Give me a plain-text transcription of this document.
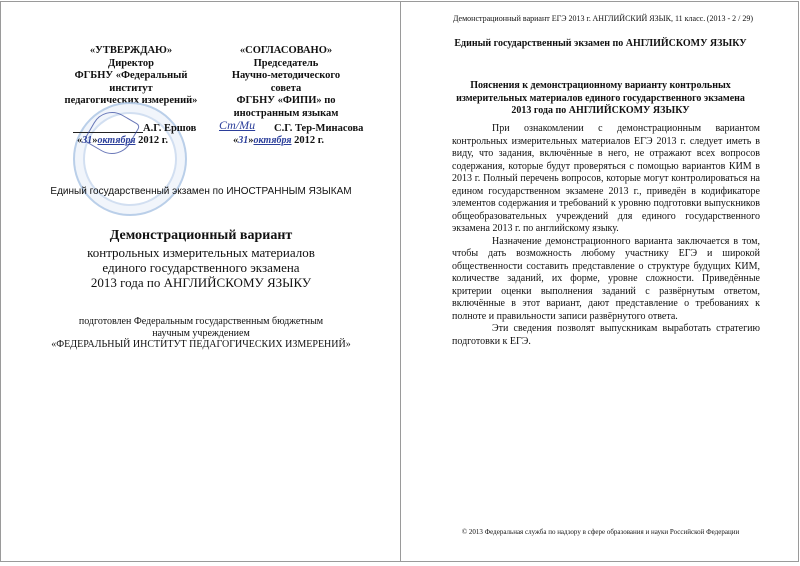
«УТВЕРЖДАЮ»
Директор
ФГБНУ «Федеральный институт
педагогических измерений»
«СОГЛАСОВАНО»
Председатель
Научно-методического совета
ФГБНУ «ФИПИ» по
иностранным языкам
А.Г. Ершов
«31»октября 2012 г.
Ст/Ми С.Г. Тер-Минасова
«31»октября 2012 г.
Единый государственный экзамен по ИНОСТРАННЫМ ЯЗЫКАМ
Демонстрационный вариант
контрольных измерительных материалов
единого государственного экзамена
2013 года по АНГЛИЙСКОМУ ЯЗЫКУ
подготовлен Федеральным государственным бюджетным
научным учреждением
«ФЕДЕРАЛЬНЫЙ ИНСТИТУТ ПЕДАГОГИЧЕСКИХ ИЗМЕРЕНИЙ»
Демонстрационный вариант ЕГЭ 2013 г. АНГЛИЙСКИЙ ЯЗЫК, 11 класс. (2013 - 2 / 29)
Единый государственный экзамен по АНГЛИЙСКОМУ ЯЗЫКУ
Пояснения к демонстрационному варианту контрольных
измерительных материалов единого государственного экзамена
2013 года по АНГЛИЙСКОМУ ЯЗЫКУ

При ознакомлении с демонстрационным вариантом контрольных измерительных материалов ЕГЭ 2013 г. следует иметь в виду, что задания, включённые в него, не отражают всех вопросов содержания, которые будут проверяться с помощью вариантов КИМ в 2013 г. Полный перечень вопросов, которые могут контролироваться на едином государственном экзамене 2013 г., приведён в кодификаторе элементов содержания и требований к уровню подготовки выпускников общеобразовательных учреждений для единого государственного экзамена 2013 г. по английскому языку.

Назначение демонстрационного варианта заключается в том, чтобы дать возможность любому участнику ЕГЭ и широкой общественности составить представление о структуре будущих КИМ, количестве заданий, их форме, уровне сложности. Приведённые критерии оценки выполнения заданий с развёрнутым ответом, включённые в этот вариант, дают представление о требованиях к полноте и правильности записи развёрнутого ответа.

Эти сведения позволят выпускникам выработать стратегию подготовки к ЕГЭ.

© 2013 Федеральная служба по надзору в сфере образования и науки Российской Федерации
